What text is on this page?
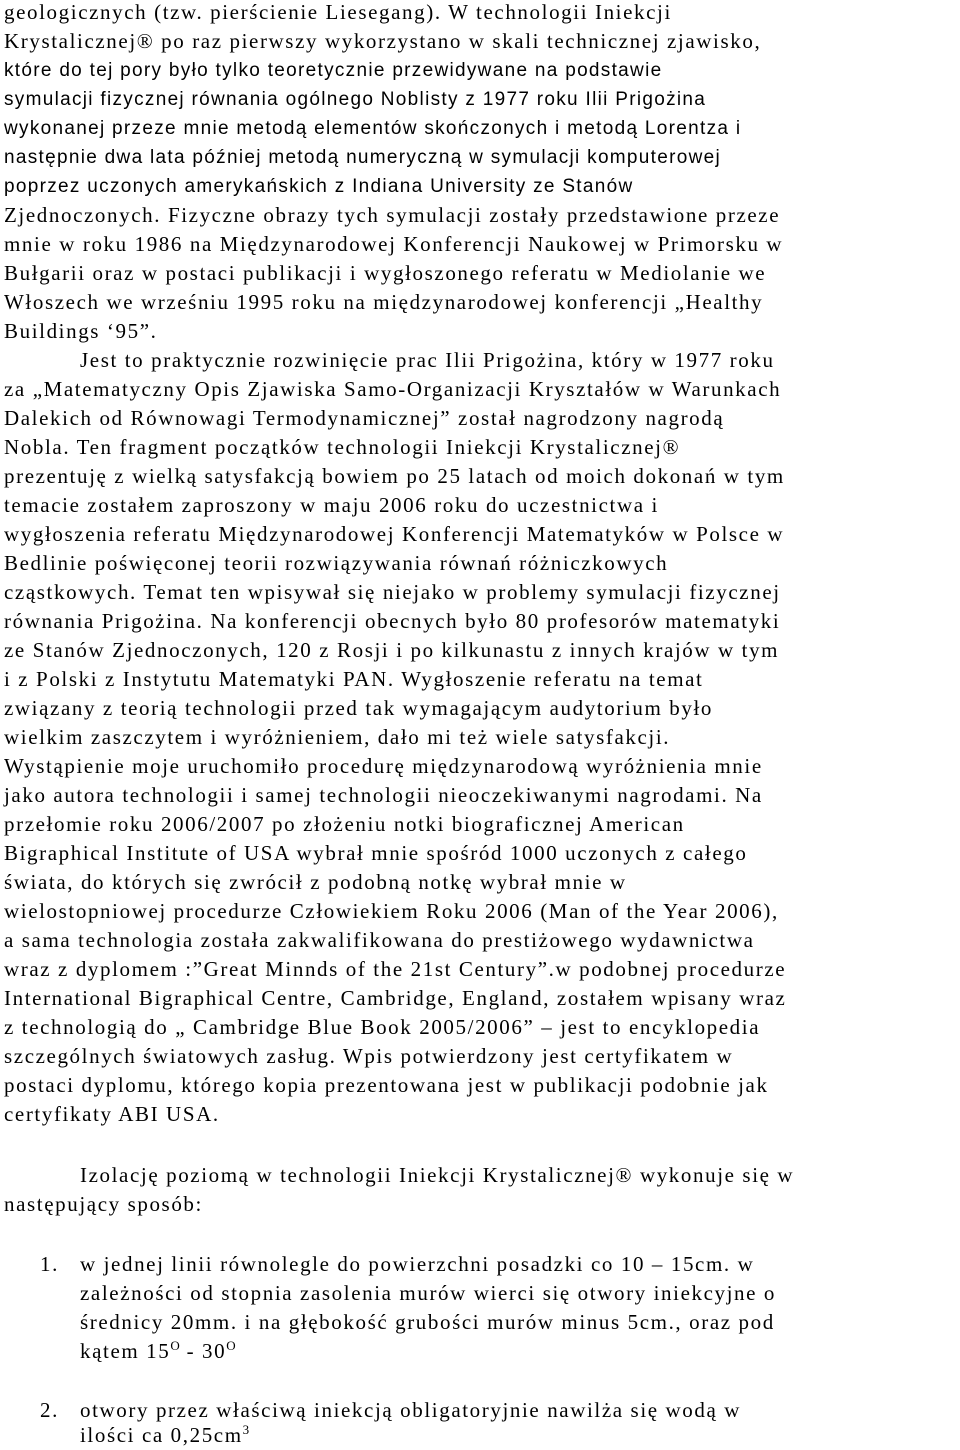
geologicznych (tzw. pierścienie Liesegang). W technologii Iniekcji
Krystalicznej® po raz pierwszy wykorzystano w skali technicznej zjawisko,
które do tej pory było tylko teoretycznie przewidywane na podstawie
symulacji fizycznej równania ogólnego Noblisty z 1977 roku Ilii Prigożina
wykonanej przeze mnie metodą elementów skończonych i metodą Lorentza i
następnie dwa lata później metodą numeryczną w symulacji komputerowej
poprzez uczonych amerykańskich z Indiana University ze Stanów
Zjednoczonych. Fizyczne obrazy tych symulacji zostały przedstawione przeze
mnie w roku 1986 na Międzynarodowej Konferencji Naukowej w Primorsku w
Bułgarii oraz w postaci publikacji i wygłoszonego referatu w Mediolanie we
Włoszech we wrześniu 1995 roku na międzynarodowej konferencji „Healthy
Buildings ‘95”.
Jest to praktycznie rozwinięcie prac Ilii Prigożina, który w 1977 roku
za „Matematyczny Opis Zjawiska Samo-Organizacji Kryształów w Warunkach
Dalekich od Równowagi Termodynamicznej” został nagrodzony nagrodą
Nobla. Ten fragment początków technologii Iniekcji Krystalicznej®
prezentuję z wielką satysfakcją bowiem po 25 latach od moich dokonań w tym
temacie zostałem zaproszony w maju 2006 roku do uczestnictwa i
wygłoszenia referatu Międzynarodowej Konferencji Matematyków w Polsce w
Bedlinie poświęconej teorii rozwiązywania równań różniczkowych
cząstkowych. Temat ten wpisywał się niejako w problemy symulacji fizycznej
równania Prigożina. Na konferencji obecnych było 80 profesorów matematyki
ze Stanów Zjednoczonych, 120 z Rosji i po kilkunastu z innych krajów w tym
i z Polski z Instytutu Matematyki PAN. Wygłoszenie referatu na temat
związany z teorią technologii przed tak wymagającym audytorium było
wielkim zaszczytem i wyróżnieniem, dało mi też wiele satysfakcji.
Wystąpienie moje uruchomiło procedurę międzynarodową wyróżnienia mnie
jako autora technologii i samej technologii nieoczekiwanymi nagrodami. Na
przełomie roku 2006/2007 po złożeniu notki biograficznej American
Bigraphical Institute of USA wybrał mnie spośród 1000 uczonych z całego
świata, do których się zwrócił z podobną notkę wybrał mnie w
wielostopniowej procedurze Człowiekiem Roku 2006 (Man of the Year 2006),
a sama technologia została zakwalifikowana do prestiżowego wydawnictwa
wraz z dyplomem :”Great Minnds of the 21st Century”.w podobnej procedurze
International Bigraphical Centre, Cambridge, England, zostałem wpisany wraz
z technologią do „ Cambridge Blue Book 2005/2006” – jest to encyklopedia
szczególnych światowych zasług. Wpis potwierdzony jest certyfikatem w
postaci dyplomu, którego kopia prezentowana jest w publikacji podobnie jak
certyfikaty ABI USA.
Izolację poziomą w technologii Iniekcji Krystalicznej® wykonuje się w
następujący sposób:
1. w jednej linii równolegle do powierzchni posadzki co 10 – 15cm. w
zależności od stopnia zasolenia murów wierci się otwory iniekcyjne o
średnicy 20mm. i na głębokość grubości murów minus 5cm., oraz pod
kątem $15^O - 30^O$
2. otwory przez właściwą iniekcją obligatoryjnie nawilża się wodą w
ilości ca $0,25cm^3$
